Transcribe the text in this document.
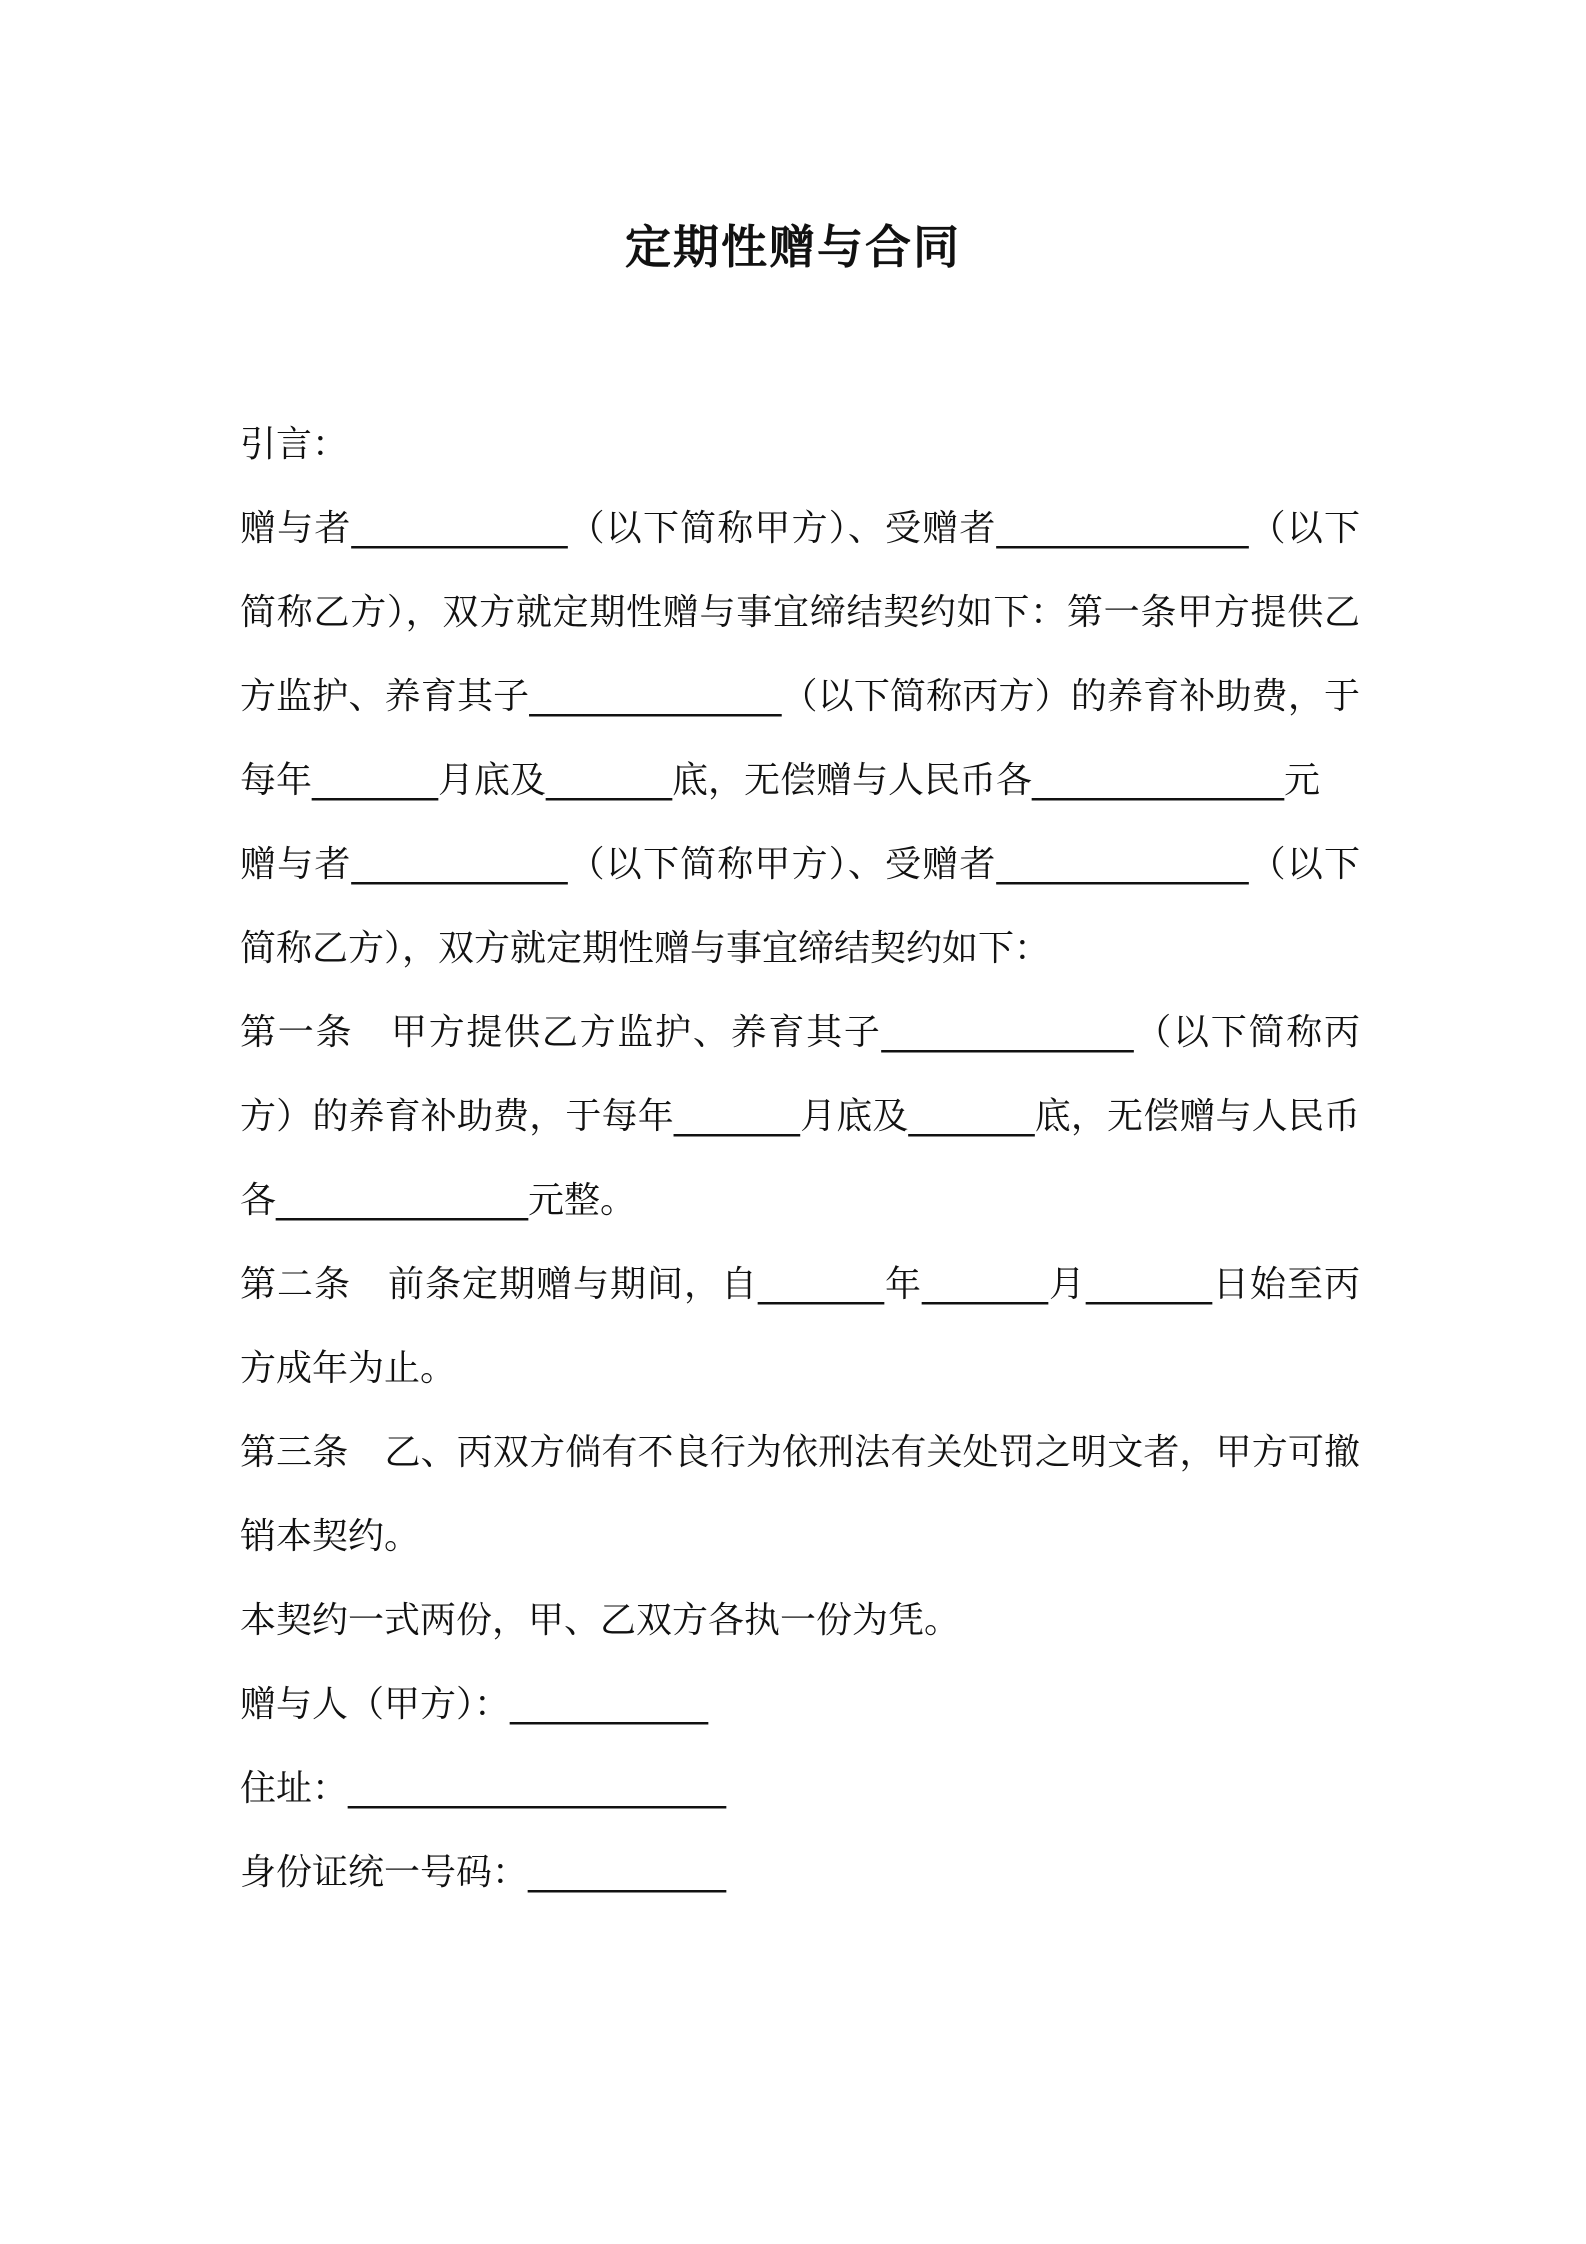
定期性赠与合同

引言：

赠与者____________（以下简称甲方）、受赠者______________（以下简称乙方），双方就定期性赠与事宜缔结契约如下：第一条甲方提供乙方监护、养育其子______________（以下简称丙方）的养育补助费，于每年_______月底及_______底，无偿赠与人民币各______________元

赠与者____________（以下简称甲方）、受赠者______________（以下简称乙方），双方就定期性赠与事宜缔结契约如下：

第一条　甲方提供乙方监护、养育其子______________（以下简称丙方）的养育补助费，于每年_______月底及_______底，无偿赠与人民币各______________元整。

第二条　前条定期赠与期间，自_______年_______月_______日始至丙方成年为止。

第三条　乙、丙双方倘有不良行为依刑法有关处罚之明文者，甲方可撤销本契约。

本契约一式两份，甲、乙双方各执一份为凭。

赠与人（甲方）：___________

住址：_____________________

身份证统一号码：___________
